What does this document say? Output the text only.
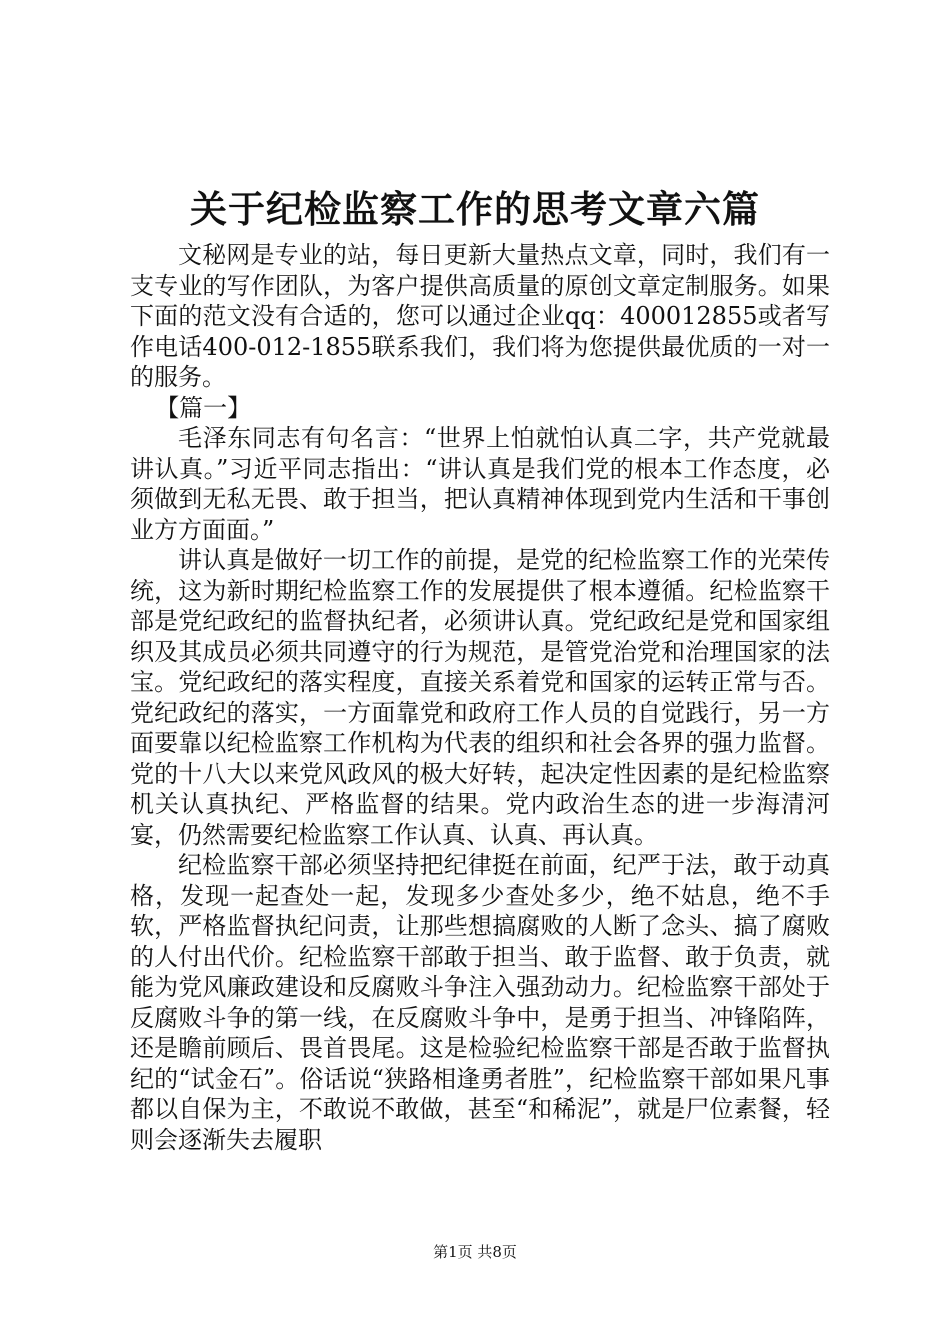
关于纪检监察工作的思考文章六篇

文秘网是专业的站，每日更新大量热点文章，同时，我们有一支专业的写作团队，为客户提供高质量的原创文章定制服务。如果下面的范文没有合适的，您可以通过企业qq：400012855或者写作电话400-012-1855联系我们，我们将为您提供最优质的一对一的服务。

【篇一】

毛泽东同志有句名言：“世界上怕就怕认真二字，共产党就最讲认真。”习近平同志指出：“讲认真是我们党的根本工作态度，必须做到无私无畏、敢于担当，把认真精神体现到党内生活和干事创业方方面面。”

讲认真是做好一切工作的前提，是党的纪检监察工作的光荣传统，这为新时期纪检监察工作的发展提供了根本遵循。纪检监察干部是党纪政纪的监督执纪者，必须讲认真。党纪政纪是党和国家组织及其成员必须共同遵守的行为规范，是管党治党和治理国家的法宝。党纪政纪的落实程度，直接关系着党和国家的运转正常与否。党纪政纪的落实，一方面靠党和政府工作人员的自觉践行，另一方面要靠以纪检监察工作机构为代表的组织和社会各界的强力监督。党的十八大以来党风政风的极大好转，起决定性因素的是纪检监察机关认真执纪、严格监督的结果。党内政治生态的进一步海清河宴，仍然需要纪检监察工作认真、认真、再认真。

纪检监察干部必须坚持把纪律挺在前面，纪严于法，敢于动真格，发现一起查处一起，发现多少查处多少，绝不姑息，绝不手软，严格监督执纪问责，让那些想搞腐败的人断了念头、搞了腐败的人付出代价。纪检监察干部敢于担当、敢于监督、敢于负责，就能为党风廉政建设和反腐败斗争注入强劲动力。纪检监察干部处于反腐败斗争的第一线，在反腐败斗争中，是勇于担当、冲锋陷阵，还是瞻前顾后、畏首畏尾。这是检验纪检监察干部是否敢于监督执纪的“试金石”。俗话说“狭路相逢勇者胜”，纪检监察干部如果凡事都以自保为主，不敢说不敢做，甚至“和稀泥”，就是尸位素餐，轻则会逐渐失去履职

第1页 共8页
